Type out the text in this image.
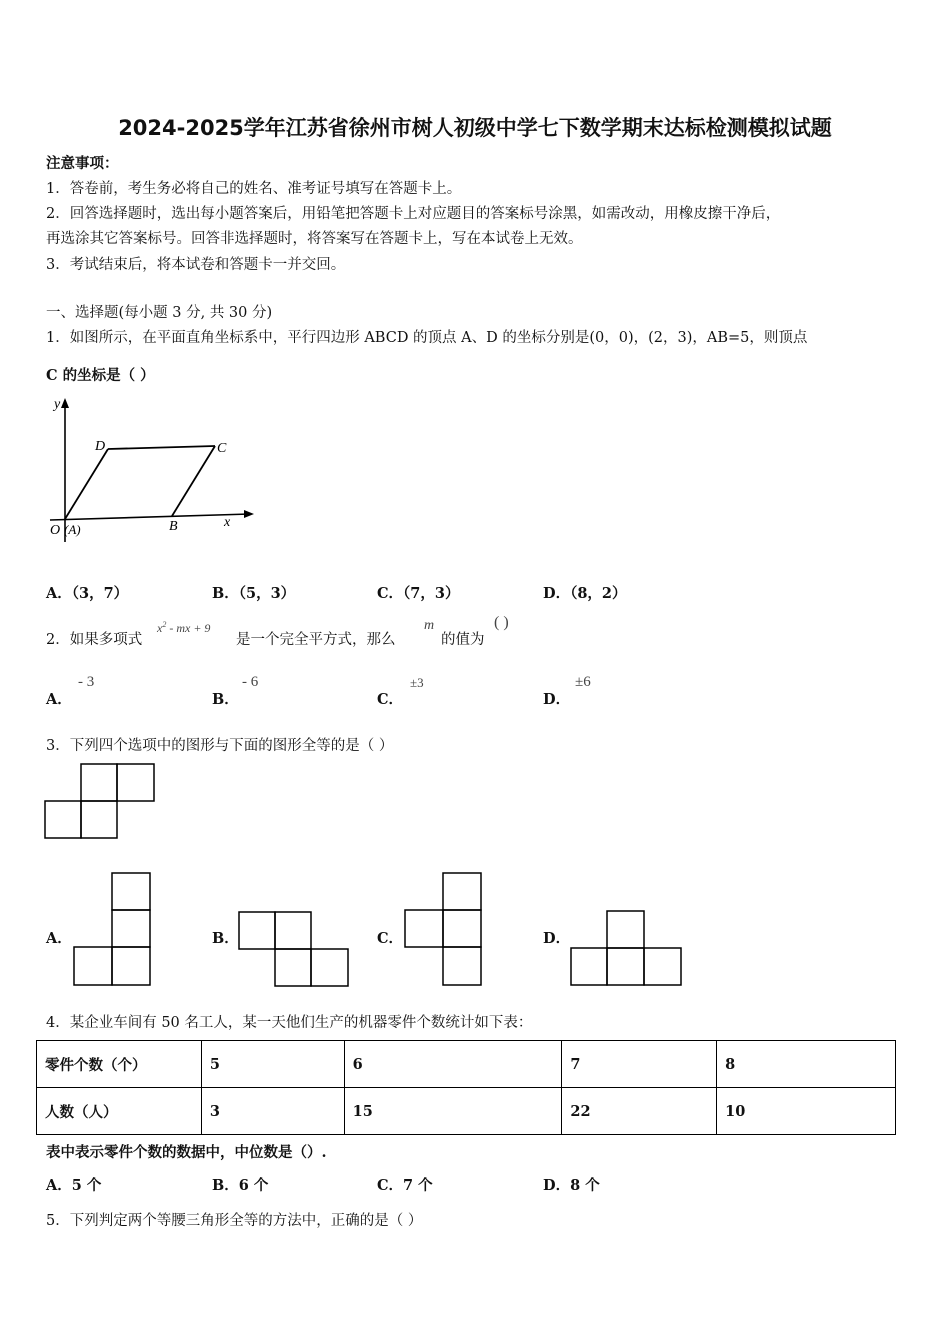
2024-2025学年江苏省徐州市树人初级中学七下数学期末达标检测模拟试题
注意事项：
1．答卷前，考生务必将自己的姓名、准考证号填写在答题卡上。
2．回答选择题时，选出每小题答案后，用铅笔把答题卡上对应题目的答案标号涂黑，如需改动，用橡皮擦干净后，
再选涂其它答案标号。回答非选择题时，将答案写在答题卡上，写在本试卷上无效。
3．考试结束后，将本试卷和答题卡一并交回。
一、选择题(每小题 3 分, 共 30 分)
1．如图所示，在平面直角坐标系中，平行四边形 ABCD 的顶点 A、D 的坐标分别是(0，0)，(2，3)，AB=5，则顶点
C 的坐标是（ ）
y
x
D	C
O (A)	B
A．（3，7）	B．（5，3）	C．（7，3）	D．（8，2）
2．如果多项式
$x^2$ - mx + 9
是一个完全平方式，那么
m
的值为
( )
A．
- 3
B．
- 6
C．
±3
D．
±6
3．下列四个选项中的图形与下面的图形全等的是（ ）
A．	B．	C．	D．
4．某企业车间有 50 名工人，某一天他们生产的机器零件个数统计如下表：
零件个数（个）	5	6	7	8
人数（人）	3	15	22	10
表中表示零件个数的数据中，中位数是（）.
A．5 个	B．6 个	C．7 个	D．8 个
5．下列判定两个等腰三角形全等的方法中，正确的是（ ）
